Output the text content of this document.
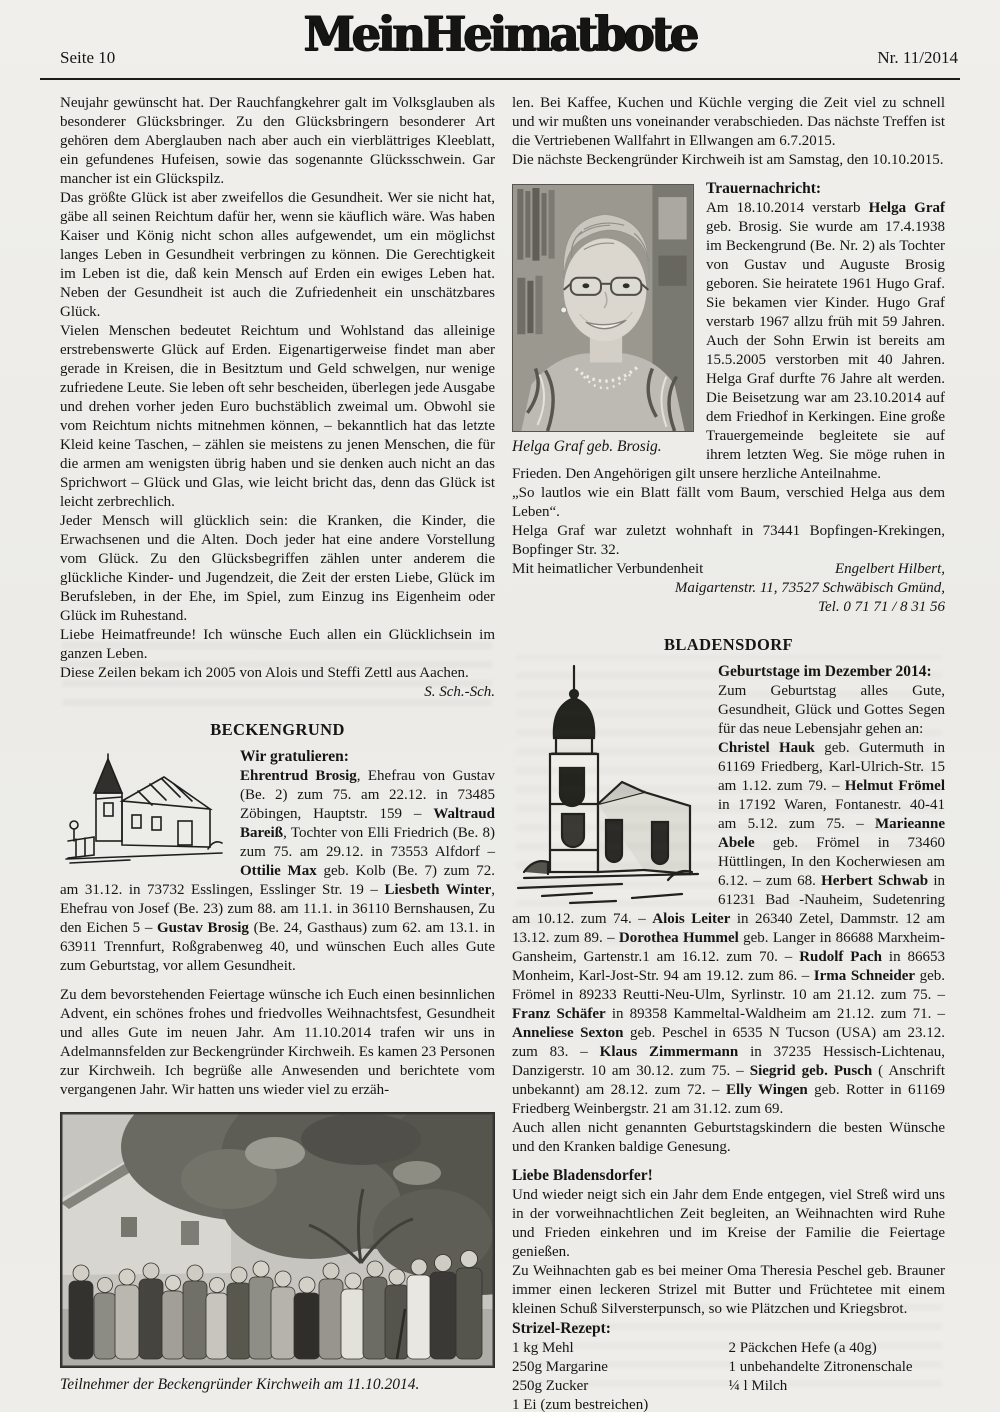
Seite 10	MeinHeimatbote	Nr. 11/2014

Neujahr gewünscht hat. Der Rauchfangkehrer galt im Volksglauben als besonderer Glücksbringer. Zu den Glücksbringern besonderer Art gehören dem Aberglauben nach aber auch ein vierblättriges Kleeblatt, ein gefundenes Hufeisen, sowie das sogenannte Glücksschwein. Gar mancher ist ein Glückspilz.

Das größte Glück ist aber zweifellos die Gesundheit. Wer sie nicht hat, gäbe all seinen Reichtum dafür her, wenn sie käuflich wäre. Was haben Kaiser und König nicht schon alles aufgewendet, um ein möglichst langes Leben in Gesundheit verbringen zu können. Die Gerechtigkeit im Leben ist die, daß kein Mensch auf Erden ein ewiges Leben hat. Neben der Gesundheit ist auch die Zufriedenheit ein unschätzbares Glück.

Vielen Menschen bedeutet Reichtum und Wohlstand das alleinige erstrebenswerte Glück auf Erden. Eigenartigerweise findet man aber gerade in Kreisen, die in Besitztum und Geld schwelgen, nur wenige zufriedene Leute. Sie leben oft sehr bescheiden, überlegen jede Ausgabe und drehen vorher jeden Euro buchstäblich zweimal um. Obwohl sie vom Reichtum nichts mitnehmen können, – bekanntlich hat das letzte Kleid keine Taschen, – zählen sie meistens zu jenen Menschen, die für die armen am wenigsten übrig haben und sie denken auch nicht an das Sprichwort – Glück und Glas, wie leicht bricht das, denn das Glück ist leicht zerbrechlich.

Jeder Mensch will glücklich sein: die Kranken, die Kinder, die Erwachsenen und die Alten. Doch jeder hat eine andere Vorstellung vom Glück. Zu den Glücksbegriffen zählen unter anderem die glückliche Kinder- und Jugendzeit, die Zeit der ersten Liebe, Glück im Berufsleben, in der Ehe, im Spiel, zum Einzug ins Eigenheim oder Glück im Ruhestand.

Liebe Heimatfreunde! Ich wünsche Euch allen ein Glücklichsein im ganzen Leben.

Diese Zeilen bekam ich 2005 von Alois und Steffi Zettl aus Aachen.

S. Sch.-Sch.
BECKENGRUND

Wir gratulieren:

Ehrentrud Brosig, Ehefrau von Gustav (Be. 2) zum 75. am 22.12. in 73485 Zöbingen, Hauptstr. 159 – Waltraud Bareiß, Tochter von Elli Friedrich (Be. 8) zum 75. am 29.12. in 73553 Alfdorf – Ottilie Max geb. Kolb (Be. 7) zum 72. am 31.12. in 73732 Esslingen, Esslinger Str. 19 – Liesbeth Winter, Ehefrau von Josef (Be. 23) zum 88. am 11.1. in 36110 Bernshausen, Zu den Eichen 5 – Gustav Brosig (Be. 24, Gasthaus) zum 62. am 13.1. in 63911 Trennfurt, Roßgrabenweg 40, und wünschen Euch alles Gute zum Geburtstag, vor allem Gesundheit.

Zu dem bevorstehenden Feiertage wünsche ich Euch einen besinnlichen Advent, ein schönes frohes und friedvolles Weihnachtsfest, Gesundheit und alles Gute im neuen Jahr. Am 11.10.2014 trafen wir uns in Adelmannsfelden zur Beckengründer Kirchweih. Es kamen 23 Personen zur Kirchweih. Ich begrüße alle Anwesenden und berichtete vom vergangenen Jahr. Wir hatten uns wieder viel zu erzäh-

Teilnehmer der Beckengründer Kirchweih am 11.10.2014.

len. Bei Kaffee, Kuchen und Küchle verging die Zeit viel zu schnell und wir mußten uns voneinander verabschieden. Das nächste Treffen ist die Vertriebenen Wallfahrt in Ellwangen am 6.7.2015.

Die nächste Beckengründer Kirchweih ist am Samstag, den 10.10.2015.

Helga Graf geb. Brosig.
Trauernachricht:

Am 18.10.2014 verstarb Helga Graf geb. Brosig. Sie wurde am 17.4.1938 im Beckengrund (Be. Nr. 2) als Tochter von Gustav und Auguste Brosig geboren. Sie heiratete 1961 Hugo Graf. Sie bekamen vier Kinder. Hugo Graf verstarb 1967 allzu früh mit 59 Jahren. Auch der Sohn Erwin ist bereits am 15.5.2005 verstorben mit 40 Jahren. Helga Graf durfte 76 Jahre alt werden. Die Beisetzung war am 23.10.2014 auf dem Friedhof in Kerkingen. Eine große Trauergemeinde begleitete sie auf ihrem letzten Weg. Sie möge ruhen in Frieden. Den Angehörigen gilt unsere herzliche Anteilnahme.

„So lautlos wie ein Blatt fällt vom Baum, verschied Helga aus dem Leben“.

Helga Graf war zuletzt wohnhaft in 73441 Bopfingen-Krekingen, Bopfinger Str. 32.

Mit heimatlicher Verbundenheit	Engelbert Hilbert,
Maigartenstr. 11, 73527 Schwäbisch Gmünd,
Tel. 0 71 71 / 8 31 56
BLADENSDORF
Geburtstage im Dezember 2014:

Zum Geburtstag alles Gute, Gesundheit, Glück und Gottes Segen für das neue Lebensjahr gehen an:

Christel Hauk geb. Gutermuth in 61169 Friedberg, Karl-Ulrich-Str. 15 am 1.12. zum 79. – Helmut Frömel in 17192 Waren, Fontanestr. 40-41 am 5.12. zum 75. – Marieanne Abele geb. Frömel in 73460 Hüttlingen, In den Kocherwiesen am 6.12. – zum 68. Herbert Schwab in 61231 Bad -Nauheim, Sudetenring am 10.12. zum 74. – Alois Leiter in 26340 Zetel, Dammstr. 12 am 13.12. zum 89. – Dorothea Hummel geb. Langer in 86688 Marxheim-Gansheim, Gartenstr.1 am 16.12. zum 70. – Rudolf Pach in 86653 Monheim, Karl-Jost-Str. 94 am 19.12. zum 86. – Irma Schneider geb. Frömel in 89233 Reutti-Neu-Ulm, Syrlinstr. 10 am 21.12. zum 75. – Franz Schäfer in 89358 Kammeltal-Waldheim am 21.12. zum 71. – Anneliese Sexton geb. Peschel in 6535 N Tucson (USA) am 23.12. zum 83. – Klaus Zimmermann in 37235 Hessisch-Lichtenau, Danzigerstr. 10 am 30.12. zum 75. – Siegrid geb. Pusch ( Anschrift unbekannt) am 28.12. zum 72. – Elly Wingen geb. Rotter in 61169 Friedberg Weinbergstr. 21 am 31.12. zum 69.

Auch allen nicht genannten Geburtstagskindern die besten Wünsche und den Kranken baldige Genesung.

Liebe Bladensdorfer!

Und wieder neigt sich ein Jahr dem Ende entgegen, viel Streß wird uns in der vorweihnachtlichen Zeit begleiten, an Weihnachten wird Ruhe und Frieden einkehren und im Kreise der Familie die Feiertage genießen.

Zu Weihnachten gab es bei meiner Oma Theresia Peschel geb. Brauner immer einen leckeren Strizel mit Butter und Früchtetee mit einem kleinen Schuß Silversterpunsch, so wie Plätzchen und Kriegsbrot.

Strizel-Rezept:
1 kg Mehl
250g Margarine
250g Zucker
1 Ei (zum bestreichen)
2 Päckchen Hefe (a 40g)
1 unbehandelte Zitronenschale
¼ l Milch
